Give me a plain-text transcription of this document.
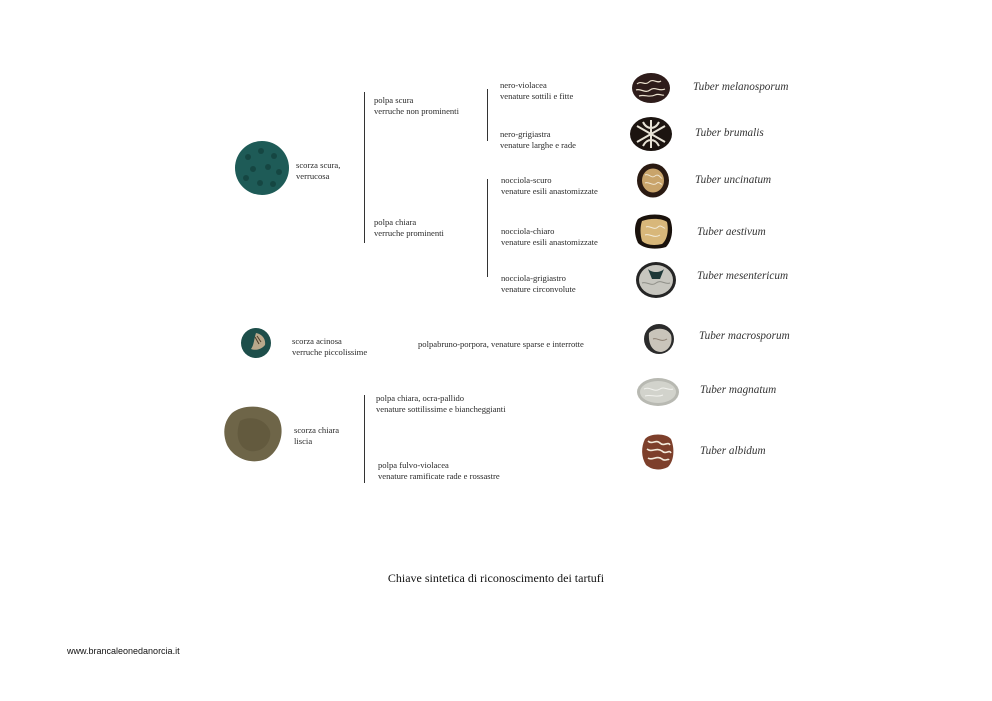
scorza scura,
verrucosa
scorza acinosa
verruche piccolissime
scorza chiara
liscia
polpa scura
verruche non prominenti
polpa chiara
verruche prominenti
polpabruno-porpora, venature sparse e interrotte
polpa chiara, ocra-pallido
venature sottilissime e biancheggianti
polpa fulvo-violacea
venature ramificate rade e rossastre
nero-violacea
venature sottili e fitte
nero-grigiastra
venature larghe e rade
nocciola-scuro
venature esili anastomizzate
nocciola-chiaro
venature esili anastomizzate
nocciola-grigiastro
venature circonvolute
Tuber melanosporum
Tuber brumalis
Tuber uncinatum
Tuber aestivum
Tuber mesentericum
Tuber macrosporum
Tuber magnatum
Tuber albidum
Chiave sintetica di riconoscimento dei tartufi
www.brancaleonedanorcia.it
